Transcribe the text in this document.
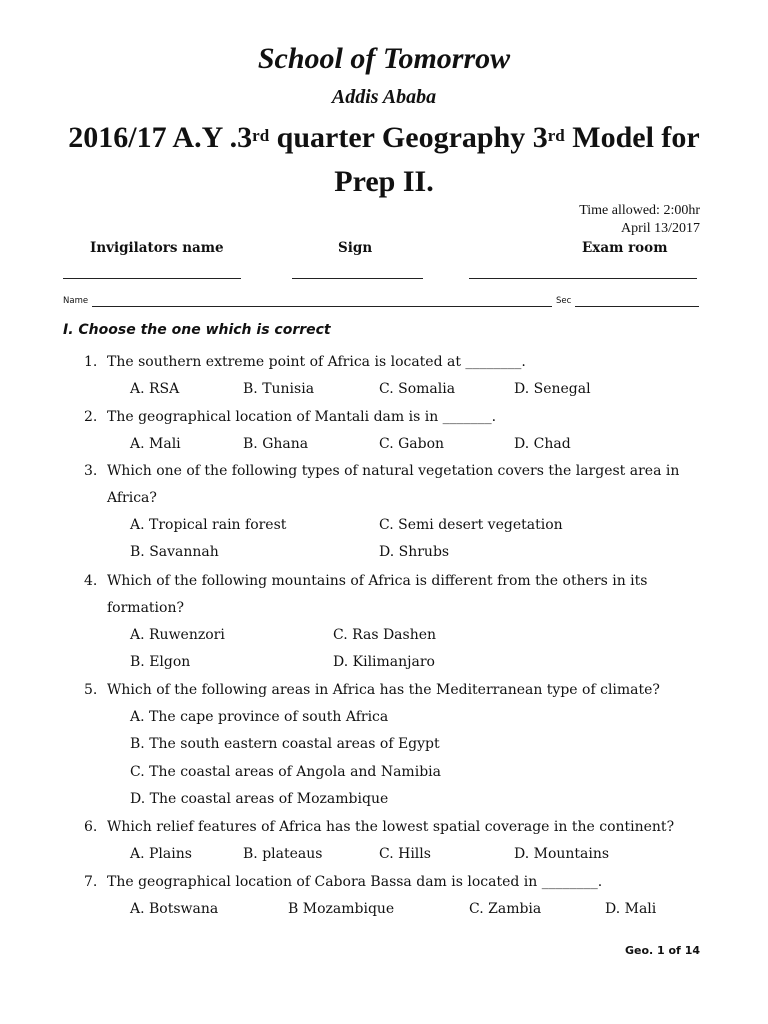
School of Tomorrow
Addis Ababa
2016/17 A.Y .3rd quarter Geography 3rd Model for
Prep II.
Time allowed: 2:00hr
April 13/2017
Invigilators name	Sign	Exam room
Name	Sec
I. Choose the one which is correct
1. The southern extreme point of Africa is located at ________.
A. RSA	B. Tunisia	C. Somalia	D. Senegal
2. The geographical location of Mantali dam is in _______.
A. Mali	B. Ghana	C. Gabon	D. Chad
3. Which one of the following types of natural vegetation covers the largest area in
Africa?
A. Tropical rain forest	C. Semi desert vegetation
B. Savannah	D. Shrubs
4. Which of the following mountains of Africa is different from the others in its
formation?
A. Ruwenzori	C. Ras Dashen
B. Elgon	D. Kilimanjaro
5. Which of the following areas in Africa has the Mediterranean type of climate?
A. The cape province of south Africa
B. The south eastern coastal areas of Egypt
C. The coastal areas of Angola and Namibia
D. The coastal areas of Mozambique
6. Which relief features of Africa has the lowest spatial coverage in the continent?
A. Plains	B. plateaus	C. Hills	D. Mountains
7. The geographical location of Cabora Bassa dam is located in ________.
A. Botswana	B Mozambique	C. Zambia	D. Mali
Geo. 1 of 14
